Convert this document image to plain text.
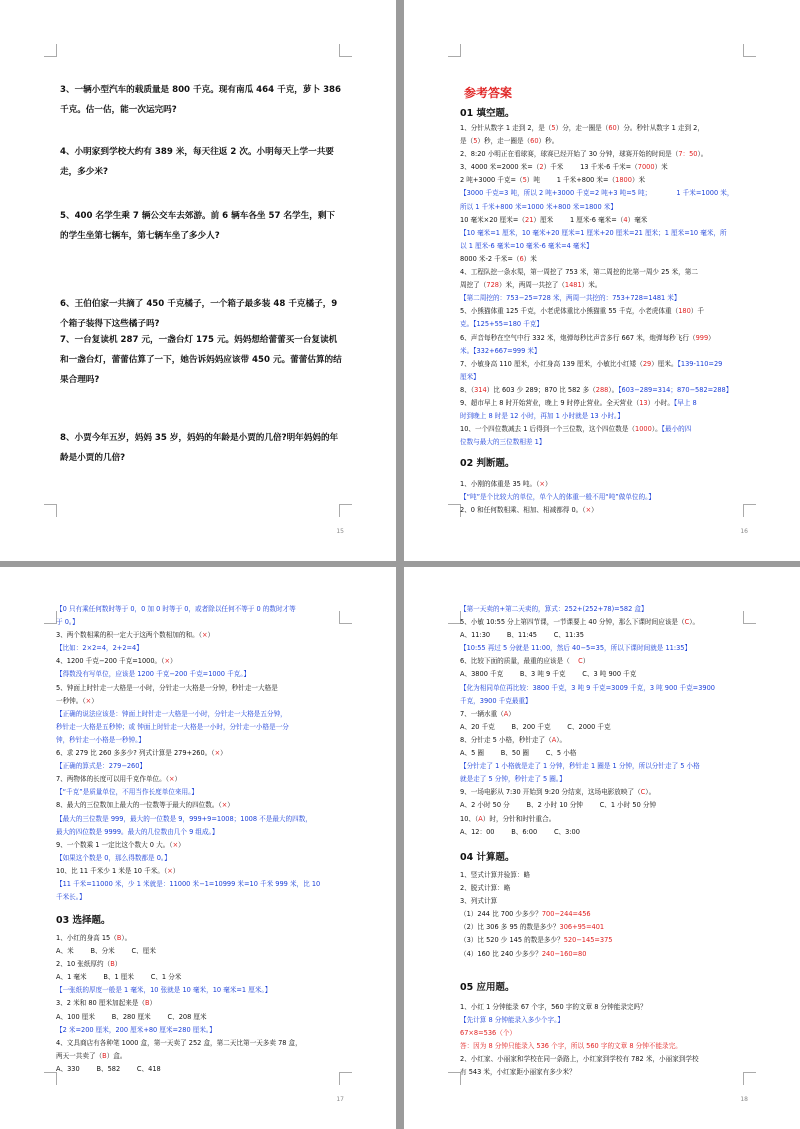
3、一辆小型汽车的载质量是 800 千克。现有南瓜 464 千克，萝卜 386 千克。估一估，能一次运完吗?
4、小明家到学校大约有 389 米，每天往返 2 次。小明每天上学一共要走，多少米?
5、400 名学生乘 7 辆公交车去郊游。前 6 辆车各坐 57 名学生，剩下的学生坐第七辆车，第七辆车坐了多少人?
6、王伯伯家一共摘了 450 千克橘子，一个箱子最多装 48 千克橘子，9 个箱子装得下这些橘子吗?
7、一台复读机 287 元，一盏台灯 175 元。妈妈想给蕾蕾买一台复读机和一盏台灯，蕾蕾估算了一下，她告诉妈妈应该带 450 元。蕾蕾估算的结果合理吗?
8、小贾今年五岁，妈妈 35 岁，妈妈的年龄是小贾的几倍?明年妈妈的年龄是小贾的几倍?
15
参考答案
01 填空题。
1、分针从数字 1 走到 2，是（5）分，走一圈是（60）分。秒针从数字 1 走到 2，
是（5）秒，走一圈是（60）秒。
2、8:20 小明正在看球赛，球赛已经开始了 30 分钟，球赛开始的时间是（7：50）。
3、4000 米=2000 米=（2）千米        13 千米-6 千米=（7000）米
2 吨+3000 千克=（5）吨        1 千米+800 米=（1800）米
【3000 千克=3 吨，所以 2 吨+3000 千克=2 吨+3 吨=5 吨；            1 千米=1000 米，
所以 1 千米+800 米=1000 米+800 米=1800 米】
10 毫米×20 厘米=（21）厘米        1 厘米-6 毫米=（4）毫米
【10 毫米=1 厘米，10 毫米+20 厘米=1 厘米+20 厘米=21 厘米；1 厘米=10 毫米，所
以 1 厘米-6 毫米=10 毫米-6 毫米=4 毫米】
8000 米-2 千米=（6）米
4、工程队挖一条水渠，第一周挖了 753 米，第二周挖的比第一周少 25 米，第二
周挖了（728）米，两周一共挖了（1481）米。
【第二周挖的：753−25=728 米，两周一共挖的：753+728=1481 米】
5、小熊猫体重 125 千克，小老虎体重比小熊猫重 55 千克，小老虎体重（180）千
克。【125+55=180 千克】
6、声音每秒在空气中行 332 米，炮弹每秒比声音多行 667 米，炮弹每秒飞行（999）
米。【332+667=999 米】
7、小敏身高 110 厘米，小红身高 139 厘米，小敏比小红矮（29）厘米。【139-110=29
厘米】
8、（314）比 603 少 289；870 比 582 多（288）。【603−289=314；870−582=288】
9、超市早上 8 时开始营业，晚上 9 时停止营业。全天营业（13）小时。【早上 8
时到晚上 8 时是 12 小时，再加 1 小时就是 13 小时。】
10、一个四位数减去 1 后得到一个三位数，这个四位数是（1000）。【最小的四
位数与最大的三位数相差 1】
02 判断题。
1、小刚的体重是 35 吨。（×）
【“吨”是个比较大的单位，单个人的体重一般不用“吨”做单位的。】
2、0 和任何数相乘、相加、相减都得 0。（×）
16
【0 只有乘任何数时等于 0，0 加 0 时等于 0，或者除以任何不等于 0 的数时才等
于 0。】
3、两个数相乘的积一定大于这两个数相加的和。（×）
【比如：2×2=4，2+2=4】
4、1200 千克−200 千克=1000。（×）
【得数没有写单位，应该是 1200 千克−200 千克=1000 千克。】
5、钟面上时针走一大格是一小时，分针走一大格是一分钟，秒针走一大格是
一秒钟。（×）
【正确的说法应该是：钟面上时针走一大格是一小时，分针走一大格是五分钟，
秒针走一大格是五秒钟；或 钟面上时针走一大格是一小时，分针走一小格是一分
钟，秒针走一小格是一秒钟。】
6、求 279 比 260 多多少? 列式计算是 279+260。（×）
【正确的算式是：279−260】
7、两物体的长度可以用千克作单位。（×）
【“千克”是质量单位，不用当作长度单位来用。】
8、最大的三位数加上最大的一位数等于最大的四位数。（×）
【最大的三位数是 999，最大的一位数是 9，999+9=1008；1008 不是最大的四数，
最大的四位数是 9999。最大的几位数由几个 9 组成。】
9、一个数乘 1 一定比这个数大 0 大。（×）
【如果这个数是 0，那么得数都是 0。】
10、比 11 千米少 1 米是 10 千米。（×）
【11 千米=11000 米，少 1 米就是：11000 米−1=10999 米=10 千米 999 米，比 10
千米长。】
03 选择题。
1、小红的身高 15（B）。
A、米        B、分米        C、厘米
2、10 张纸厚约（B）
A、1 毫米        B、1 厘米        C、1 分米
【一张纸的厚度一般是 1 毫米，10 张就是 10 毫米，10 毫米=1 厘米。】
3、2 米和 80 厘米加起来是（B）
A、100 厘米        B、280 厘米        C、208 厘米
【2 米=200 厘米，200 厘米+80 厘米=280 厘米。】
4、文具商店有各种笔 1000 盒，第一天卖了 252 盒，第二天比第一天多卖 78 盒，
两天一共卖了（B）盒。
A、330        B、582        C、418
17
【第一天卖的+第二天卖的，算式：252+(252+78)=582 盒】
5、小敏 10:55 分上第四节课，一节课要上 40 分钟，那么下课时间应该是（C）。
A、11:30        B、11:45        C、11:35
【10:55 再过 5 分就是 11:00，然后 40−5=35，所以下课时间就是 11:35】
6、比较下面的质量，最重的应该是（    C）
A、3800 千克        B、3 吨 9 千克        C、3 吨 900 千克
【化为相同单位再比较：3800 千克，3 吨 9 千克=3009 千克，3 吨 900 千克=3900
千克，3900 千克最重】
7、一辆水重（A）
A、20 千克        B、200 千克        C、2000 千克
8、分针走 5 小格，秒针走了（A）。
A、5 圈        B、50 圈        C、5 小格
【分针走了 1 小格就是走了 1 分钟，秒针走 1 圈是 1 分钟，所以分针走了 5 小格
就是走了 5 分钟，秒针走了 5 圈。】
9、一场电影从 7:30 开始到 9:20 分结束，这场电影放映了（C）。
A、2 小时 50 分        B、2 小时 10 分钟        C、1 小时 50 分钟
10、（A）时，分针和时针重合。
A、12：00        B、6:00        C、3:00
04 计算题。
1、竖式计算并验算：略
2、脱式计算：略
3、列式计算
（1）244 比 700 少多少？700−244=456
（2）比 306 多 95 的数是多少？306+95=401
（3）比 520 少 145 的数是多少？520−145=375
（4）160 比 240 少多少？240−160=80
05 应用题。
1、小红 1 分钟能录 67 个字，560 字的文章 8 分钟能录完吗？
【先计算 8 分钟能录入多少个字。】
67×8=536（个）
答：因为 8 分钟只能录入 536 个字，所以 560 字的文章 8 分钟不能录完。
2、小红家、小丽家和学校在同一条路上，小红家到学校有 782 米，小丽家到学校
有 543 米，小红家距小丽家有多少米？
18
